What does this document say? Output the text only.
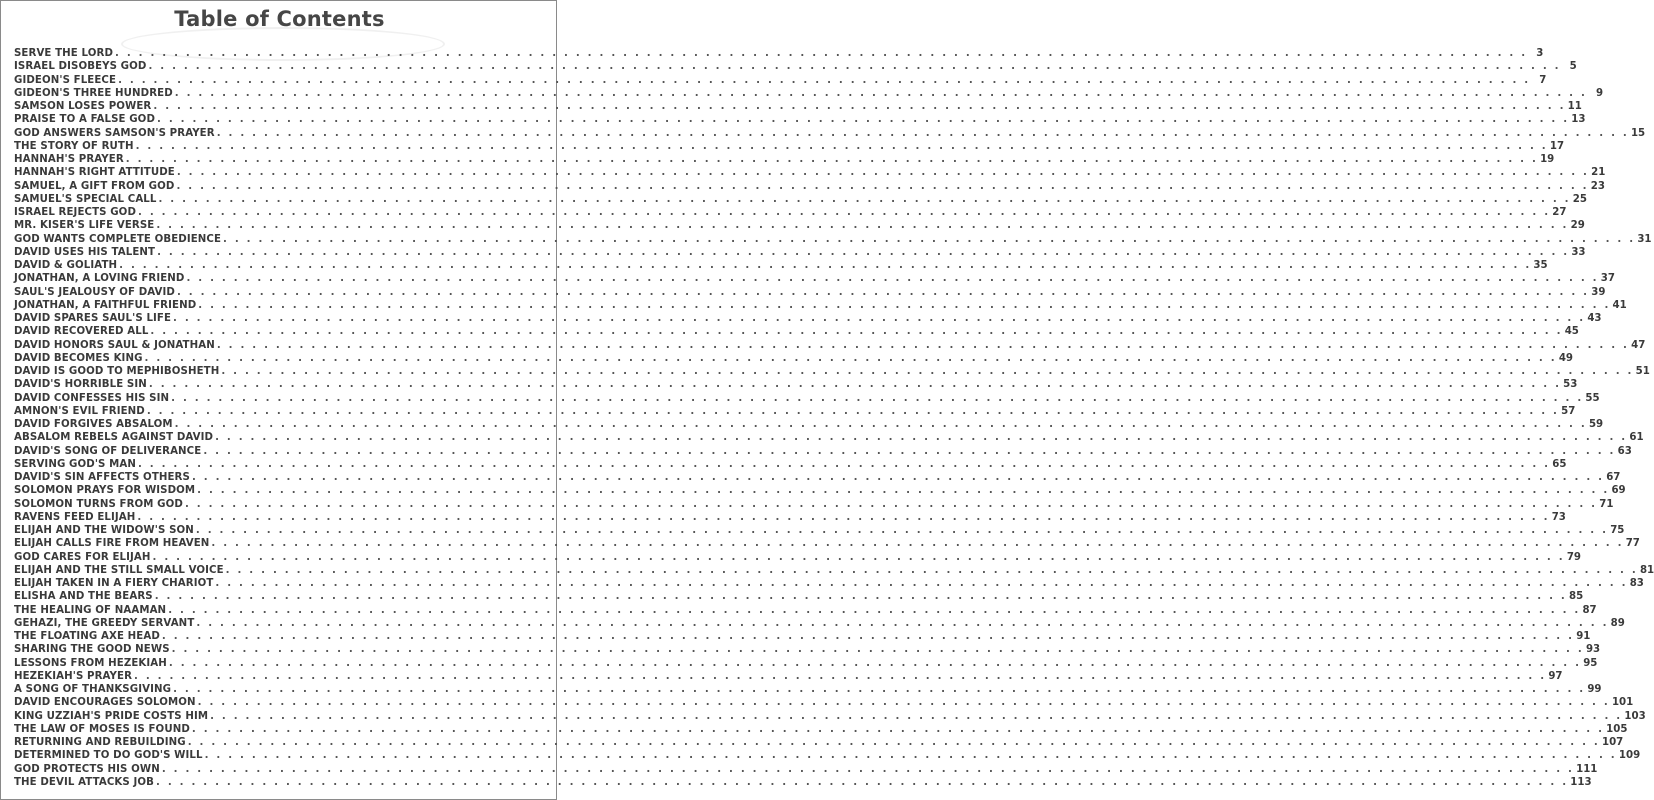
Table of Contents
SERVE THE LORD . . . . . . . . . . . . . . . . . . . . . . . . . . . . . . . . . . . . . . . . . . . . . . . . . . . . . . . . . . . . . . . . . . . . . . . . . . . . . . . . . . . . . . . . . . . . . . . . . . . . . . . . . . . . . . . . . . . . . . . . 3
ISRAEL DISOBEYS GOD . . . . . . . . . . . . . . . . . . . . . . . . . . . . . . . . . . . . . . . . . . . . . . . . . . . . . . . . . . . . . . . . . . . . . . . . . . . . . . . . . . . . . . . . . . . . . . . . . . . . . . . . . . . . . . . . . . . . . . . . 5
GIDEON'S FLEECE . . . . . . . . . . . . . . . . . . . . . . . . . . . . . . . . . . . . . . . . . . . . . . . . . . . . . . . . . . . . . . . . . . . . . . . . . . . . . . . . . . . . . . . . . . . . . . . . . . . . . . . . . . . . . . . . . . . . . . . . 7
GIDEON'S THREE HUNDRED . . . . . . . . . . . . . . . . . . . . . . . . . . . . . . . . . . . . . . . . . . . . . . . . . . . . . . . . . . . . . . . . . . . . . . . . . . . . . . . . . . . . . . . . . . . . . . . . . . . . . . . . . . . . . . . . . . . . . . . . 9
SAMSON LOSES POWER . . . . . . . . . . . . . . . . . . . . . . . . . . . . . . . . . . . . . . . . . . . . . . . . . . . . . . . . . . . . . . . . . . . . . . . . . . . . . . . . . . . . . . . . . . . . . . . . . . . . . . . . . . . . . . . . . . . . . . . . 11
PRAISE TO A FALSE GOD . . . . . . . . . . . . . . . . . . . . . . . . . . . . . . . . . . . . . . . . . . . . . . . . . . . . . . . . . . . . . . . . . . . . . . . . . . . . . . . . . . . . . . . . . . . . . . . . . . . . . . . . . . . . . . . . . . . . . . . . 13
GOD ANSWERS SAMSON'S PRAYER . . . . . . . . . . . . . . . . . . . . . . . . . . . . . . . . . . . . . . . . . . . . . . . . . . . . . . . . . . . . . . . . . . . . . . . . . . . . . . . . . . . . . . . . . . . . . . . . . . . . . . . . . . . . . . . . . . . . . . . . 15
THE STORY OF RUTH . . . . . . . . . . . . . . . . . . . . . . . . . . . . . . . . . . . . . . . . . . . . . . . . . . . . . . . . . . . . . . . . . . . . . . . . . . . . . . . . . . . . . . . . . . . . . . . . . . . . . . . . . . . . . . . . . . . . . . . . 17
HANNAH'S PRAYER . . . . . . . . . . . . . . . . . . . . . . . . . . . . . . . . . . . . . . . . . . . . . . . . . . . . . . . . . . . . . . . . . . . . . . . . . . . . . . . . . . . . . . . . . . . . . . . . . . . . . . . . . . . . . . . . . . . . . . . . 19
HANNAH'S RIGHT ATTITUDE . . . . . . . . . . . . . . . . . . . . . . . . . . . . . . . . . . . . . . . . . . . . . . . . . . . . . . . . . . . . . . . . . . . . . . . . . . . . . . . . . . . . . . . . . . . . . . . . . . . . . . . . . . . . . . . . . . . . . . . . 21
SAMUEL, A GIFT FROM GOD . . . . . . . . . . . . . . . . . . . . . . . . . . . . . . . . . . . . . . . . . . . . . . . . . . . . . . . . . . . . . . . . . . . . . . . . . . . . . . . . . . . . . . . . . . . . . . . . . . . . . . . . . . . . . . . . . . . . . . . . 23
SAMUEL'S SPECIAL CALL . . . . . . . . . . . . . . . . . . . . . . . . . . . . . . . . . . . . . . . . . . . . . . . . . . . . . . . . . . . . . . . . . . . . . . . . . . . . . . . . . . . . . . . . . . . . . . . . . . . . . . . . . . . . . . . . . . . . . . . . 25
ISRAEL REJECTS GOD . . . . . . . . . . . . . . . . . . . . . . . . . . . . . . . . . . . . . . . . . . . . . . . . . . . . . . . . . . . . . . . . . . . . . . . . . . . . . . . . . . . . . . . . . . . . . . . . . . . . . . . . . . . . . . . . . . . . . . . . 27
MR. KISER'S LIFE VERSE . . . . . . . . . . . . . . . . . . . . . . . . . . . . . . . . . . . . . . . . . . . . . . . . . . . . . . . . . . . . . . . . . . . . . . . . . . . . . . . . . . . . . . . . . . . . . . . . . . . . . . . . . . . . . . . . . . . . . . . . 29
GOD WANTS COMPLETE OBEDIENCE . . . . . . . . . . . . . . . . . . . . . . . . . . . . . . . . . . . . . . . . . . . . . . . . . . . . . . . . . . . . . . . . . . . . . . . . . . . . . . . . . . . . . . . . . . . . . . . . . . . . . . . . . . . . . . . . . . . . . . . . 31
DAVID USES HIS TALENT . . . . . . . . . . . . . . . . . . . . . . . . . . . . . . . . . . . . . . . . . . . . . . . . . . . . . . . . . . . . . . . . . . . . . . . . . . . . . . . . . . . . . . . . . . . . . . . . . . . . . . . . . . . . . . . . . . . . . . . . 33
DAVID & GOLIATH . . . . . . . . . . . . . . . . . . . . . . . . . . . . . . . . . . . . . . . . . . . . . . . . . . . . . . . . . . . . . . . . . . . . . . . . . . . . . . . . . . . . . . . . . . . . . . . . . . . . . . . . . . . . . . . . . . . . . . . . 35
JONATHAN, A LOVING FRIEND . . . . . . . . . . . . . . . . . . . . . . . . . . . . . . . . . . . . . . . . . . . . . . . . . . . . . . . . . . . . . . . . . . . . . . . . . . . . . . . . . . . . . . . . . . . . . . . . . . . . . . . . . . . . . . . . . . . . . . . . 37
SAUL'S JEALOUSY OF DAVID . . . . . . . . . . . . . . . . . . . . . . . . . . . . . . . . . . . . . . . . . . . . . . . . . . . . . . . . . . . . . . . . . . . . . . . . . . . . . . . . . . . . . . . . . . . . . . . . . . . . . . . . . . . . . . . . . . . . . . . . 39
JONATHAN, A FAITHFUL FRIEND . . . . . . . . . . . . . . . . . . . . . . . . . . . . . . . . . . . . . . . . . . . . . . . . . . . . . . . . . . . . . . . . . . . . . . . . . . . . . . . . . . . . . . . . . . . . . . . . . . . . . . . . . . . . . . . . . . . . . . . . 41
DAVID SPARES SAUL'S LIFE . . . . . . . . . . . . . . . . . . . . . . . . . . . . . . . . . . . . . . . . . . . . . . . . . . . . . . . . . . . . . . . . . . . . . . . . . . . . . . . . . . . . . . . . . . . . . . . . . . . . . . . . . . . . . . . . . . . . . . . . 43
DAVID RECOVERED ALL . . . . . . . . . . . . . . . . . . . . . . . . . . . . . . . . . . . . . . . . . . . . . . . . . . . . . . . . . . . . . . . . . . . . . . . . . . . . . . . . . . . . . . . . . . . . . . . . . . . . . . . . . . . . . . . . . . . . . . . . 45
DAVID HONORS SAUL & JONATHAN . . . . . . . . . . . . . . . . . . . . . . . . . . . . . . . . . . . . . . . . . . . . . . . . . . . . . . . . . . . . . . . . . . . . . . . . . . . . . . . . . . . . . . . . . . . . . . . . . . . . . . . . . . . . . . . . . . . . . . . . 47
DAVID BECOMES KING . . . . . . . . . . . . . . . . . . . . . . . . . . . . . . . . . . . . . . . . . . . . . . . . . . . . . . . . . . . . . . . . . . . . . . . . . . . . . . . . . . . . . . . . . . . . . . . . . . . . . . . . . . . . . . . . . . . . . . . . 49
DAVID IS GOOD TO MEPHIBOSHETH . . . . . . . . . . . . . . . . . . . . . . . . . . . . . . . . . . . . . . . . . . . . . . . . . . . . . . . . . . . . . . . . . . . . . . . . . . . . . . . . . . . . . . . . . . . . . . . . . . . . . . . . . . . . . . . . . . . . . . . . 51
DAVID'S HORRIBLE SIN . . . . . . . . . . . . . . . . . . . . . . . . . . . . . . . . . . . . . . . . . . . . . . . . . . . . . . . . . . . . . . . . . . . . . . . . . . . . . . . . . . . . . . . . . . . . . . . . . . . . . . . . . . . . . . . . . . . . . . . . 53
DAVID CONFESSES HIS SIN . . . . . . . . . . . . . . . . . . . . . . . . . . . . . . . . . . . . . . . . . . . . . . . . . . . . . . . . . . . . . . . . . . . . . . . . . . . . . . . . . . . . . . . . . . . . . . . . . . . . . . . . . . . . . . . . . . . . . . . . 55
AMNON'S EVIL FRIEND . . . . . . . . . . . . . . . . . . . . . . . . . . . . . . . . . . . . . . . . . . . . . . . . . . . . . . . . . . . . . . . . . . . . . . . . . . . . . . . . . . . . . . . . . . . . . . . . . . . . . . . . . . . . . . . . . . . . . . . . 57
DAVID FORGIVES ABSALOM . . . . . . . . . . . . . . . . . . . . . . . . . . . . . . . . . . . . . . . . . . . . . . . . . . . . . . . . . . . . . . . . . . . . . . . . . . . . . . . . . . . . . . . . . . . . . . . . . . . . . . . . . . . . . . . . . . . . . . . . 59
ABSALOM REBELS AGAINST DAVID . . . . . . . . . . . . . . . . . . . . . . . . . . . . . . . . . . . . . . . . . . . . . . . . . . . . . . . . . . . . . . . . . . . . . . . . . . . . . . . . . . . . . . . . . . . . . . . . . . . . . . . . . . . . . . . . . . . . . . . . 61
DAVID'S SONG OF DELIVERANCE . . . . . . . . . . . . . . . . . . . . . . . . . . . . . . . . . . . . . . . . . . . . . . . . . . . . . . . . . . . . . . . . . . . . . . . . . . . . . . . . . . . . . . . . . . . . . . . . . . . . . . . . . . . . . . . . . . . . . . . . 63
SERVING GOD'S MAN . . . . . . . . . . . . . . . . . . . . . . . . . . . . . . . . . . . . . . . . . . . . . . . . . . . . . . . . . . . . . . . . . . . . . . . . . . . . . . . . . . . . . . . . . . . . . . . . . . . . . . . . . . . . . . . . . . . . . . . . 65
DAVID'S SIN AFFECTS OTHERS . . . . . . . . . . . . . . . . . . . . . . . . . . . . . . . . . . . . . . . . . . . . . . . . . . . . . . . . . . . . . . . . . . . . . . . . . . . . . . . . . . . . . . . . . . . . . . . . . . . . . . . . . . . . . . . . . . . . . . . . 67
SOLOMON PRAYS FOR WISDOM . . . . . . . . . . . . . . . . . . . . . . . . . . . . . . . . . . . . . . . . . . . . . . . . . . . . . . . . . . . . . . . . . . . . . . . . . . . . . . . . . . . . . . . . . . . . . . . . . . . . . . . . . . . . . . . . . . . . . . . . 69
SOLOMON TURNS FROM GOD . . . . . . . . . . . . . . . . . . . . . . . . . . . . . . . . . . . . . . . . . . . . . . . . . . . . . . . . . . . . . . . . . . . . . . . . . . . . . . . . . . . . . . . . . . . . . . . . . . . . . . . . . . . . . . . . . . . . . . . . 71
RAVENS FEED ELIJAH . . . . . . . . . . . . . . . . . . . . . . . . . . . . . . . . . . . . . . . . . . . . . . . . . . . . . . . . . . . . . . . . . . . . . . . . . . . . . . . . . . . . . . . . . . . . . . . . . . . . . . . . . . . . . . . . . . . . . . . . 73
ELIJAH AND THE WIDOW'S SON . . . . . . . . . . . . . . . . . . . . . . . . . . . . . . . . . . . . . . . . . . . . . . . . . . . . . . . . . . . . . . . . . . . . . . . . . . . . . . . . . . . . . . . . . . . . . . . . . . . . . . . . . . . . . . . . . . . . . . . . 75
ELIJAH CALLS FIRE FROM HEAVEN . . . . . . . . . . . . . . . . . . . . . . . . . . . . . . . . . . . . . . . . . . . . . . . . . . . . . . . . . . . . . . . . . . . . . . . . . . . . . . . . . . . . . . . . . . . . . . . . . . . . . . . . . . . . . . . . . . . . . . . . 77
GOD CARES FOR ELIJAH . . . . . . . . . . . . . . . . . . . . . . . . . . . . . . . . . . . . . . . . . . . . . . . . . . . . . . . . . . . . . . . . . . . . . . . . . . . . . . . . . . . . . . . . . . . . . . . . . . . . . . . . . . . . . . . . . . . . . . . . 79
ELIJAH AND THE STILL SMALL VOICE . . . . . . . . . . . . . . . . . . . . . . . . . . . . . . . . . . . . . . . . . . . . . . . . . . . . . . . . . . . . . . . . . . . . . . . . . . . . . . . . . . . . . . . . . . . . . . . . . . . . . . . . . . . . . . . . . . . . . . . . 81
ELIJAH TAKEN IN A FIERY CHARIOT . . . . . . . . . . . . . . . . . . . . . . . . . . . . . . . . . . . . . . . . . . . . . . . . . . . . . . . . . . . . . . . . . . . . . . . . . . . . . . . . . . . . . . . . . . . . . . . . . . . . . . . . . . . . . . . . . . . . . . . . 83
ELISHA AND THE BEARS . . . . . . . . . . . . . . . . . . . . . . . . . . . . . . . . . . . . . . . . . . . . . . . . . . . . . . . . . . . . . . . . . . . . . . . . . . . . . . . . . . . . . . . . . . . . . . . . . . . . . . . . . . . . . . . . . . . . . . . . 85
THE HEALING OF NAAMAN . . . . . . . . . . . . . . . . . . . . . . . . . . . . . . . . . . . . . . . . . . . . . . . . . . . . . . . . . . . . . . . . . . . . . . . . . . . . . . . . . . . . . . . . . . . . . . . . . . . . . . . . . . . . . . . . . . . . . . . . 87
GEHAZI, THE GREEDY SERVANT . . . . . . . . . . . . . . . . . . . . . . . . . . . . . . . . . . . . . . . . . . . . . . . . . . . . . . . . . . . . . . . . . . . . . . . . . . . . . . . . . . . . . . . . . . . . . . . . . . . . . . . . . . . . . . . . . . . . . . . . 89
THE FLOATING AXE HEAD . . . . . . . . . . . . . . . . . . . . . . . . . . . . . . . . . . . . . . . . . . . . . . . . . . . . . . . . . . . . . . . . . . . . . . . . . . . . . . . . . . . . . . . . . . . . . . . . . . . . . . . . . . . . . . . . . . . . . . . . 91
SHARING THE GOOD NEWS . . . . . . . . . . . . . . . . . . . . . . . . . . . . . . . . . . . . . . . . . . . . . . . . . . . . . . . . . . . . . . . . . . . . . . . . . . . . . . . . . . . . . . . . . . . . . . . . . . . . . . . . . . . . . . . . . . . . . . . . 93
LESSONS FROM HEZEKIAH . . . . . . . . . . . . . . . . . . . . . . . . . . . . . . . . . . . . . . . . . . . . . . . . . . . . . . . . . . . . . . . . . . . . . . . . . . . . . . . . . . . . . . . . . . . . . . . . . . . . . . . . . . . . . . . . . . . . . . . . 95
HEZEKIAH'S PRAYER . . . . . . . . . . . . . . . . . . . . . . . . . . . . . . . . . . . . . . . . . . . . . . . . . . . . . . . . . . . . . . . . . . . . . . . . . . . . . . . . . . . . . . . . . . . . . . . . . . . . . . . . . . . . . . . . . . . . . . . . 97
A SONG OF THANKSGIVING . . . . . . . . . . . . . . . . . . . . . . . . . . . . . . . . . . . . . . . . . . . . . . . . . . . . . . . . . . . . . . . . . . . . . . . . . . . . . . . . . . . . . . . . . . . . . . . . . . . . . . . . . . . . . . . . . . . . . . . . 99
DAVID ENCOURAGES SOLOMON . . . . . . . . . . . . . . . . . . . . . . . . . . . . . . . . . . . . . . . . . . . . . . . . . . . . . . . . . . . . . . . . . . . . . . . . . . . . . . . . . . . . . . . . . . . . . . . . . . . . . . . . . . . . . . . . . . . . . . . . 101
KING UZZIAH'S PRIDE COSTS HIM . . . . . . . . . . . . . . . . . . . . . . . . . . . . . . . . . . . . . . . . . . . . . . . . . . . . . . . . . . . . . . . . . . . . . . . . . . . . . . . . . . . . . . . . . . . . . . . . . . . . . . . . . . . . . . . . . . . . . . . . 103
THE LAW OF MOSES IS FOUND . . . . . . . . . . . . . . . . . . . . . . . . . . . . . . . . . . . . . . . . . . . . . . . . . . . . . . . . . . . . . . . . . . . . . . . . . . . . . . . . . . . . . . . . . . . . . . . . . . . . . . . . . . . . . . . . . . . . . . . . 105
RETURNING AND REBUILDING . . . . . . . . . . . . . . . . . . . . . . . . . . . . . . . . . . . . . . . . . . . . . . . . . . . . . . . . . . . . . . . . . . . . . . . . . . . . . . . . . . . . . . . . . . . . . . . . . . . . . . . . . . . . . . . . . . . . . . . . 107
DETERMINED TO DO GOD'S WILL . . . . . . . . . . . . . . . . . . . . . . . . . . . . . . . . . . . . . . . . . . . . . . . . . . . . . . . . . . . . . . . . . . . . . . . . . . . . . . . . . . . . . . . . . . . . . . . . . . . . . . . . . . . . . . . . . . . . . . . . 109
GOD PROTECTS HIS OWN . . . . . . . . . . . . . . . . . . . . . . . . . . . . . . . . . . . . . . . . . . . . . . . . . . . . . . . . . . . . . . . . . . . . . . . . . . . . . . . . . . . . . . . . . . . . . . . . . . . . . . . . . . . . . . . . . . . . . . . . 111
THE DEVIL ATTACKS JOB . . . . . . . . . . . . . . . . . . . . . . . . . . . . . . . . . . . . . . . . . . . . . . . . . . . . . . . . . . . . . . . . . . . . . . . . . . . . . . . . . . . . . . . . . . . . . . . . . . . . . . . . . . . . . . . . . . . . . . . . 113
